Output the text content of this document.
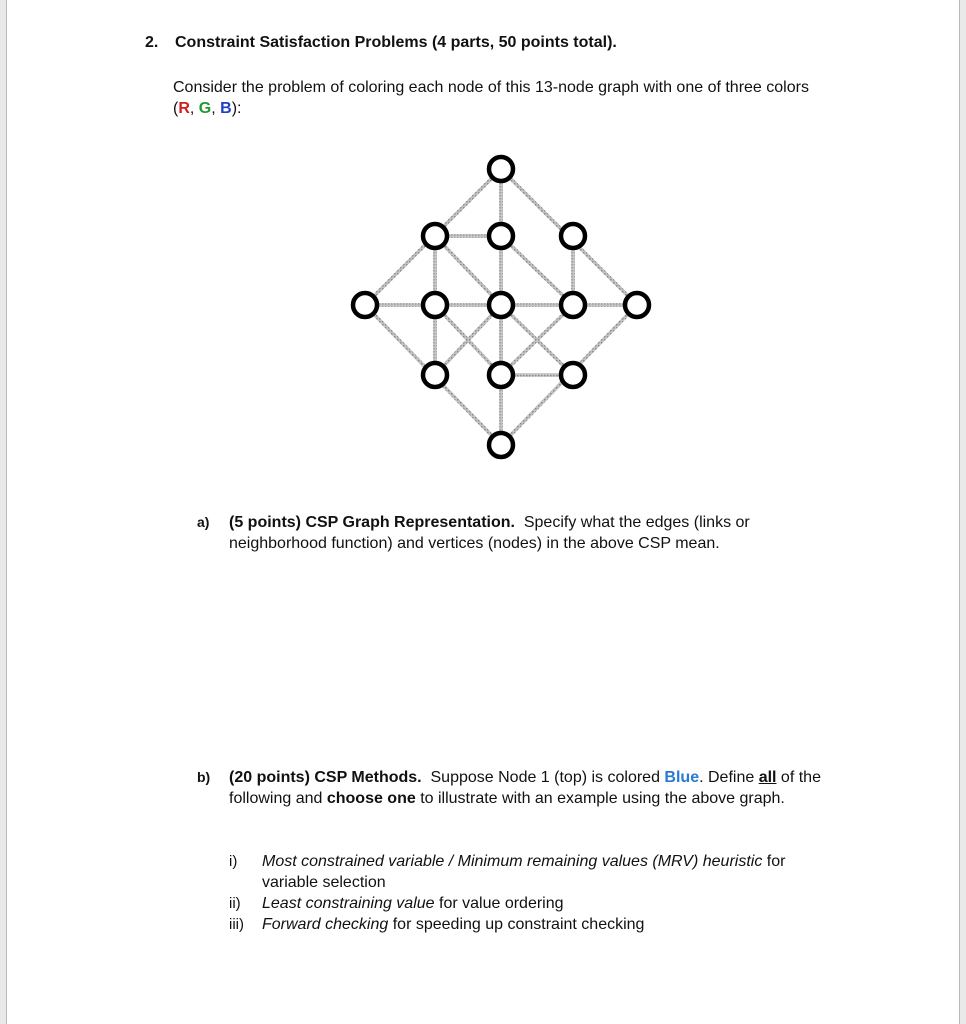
2. Constraint Satisfaction Problems (4 parts, 50 points total).
Consider the problem of coloring each node of this 13-node graph with one of three colors (R, G, B):
a) (5 points) CSP Graph Representation. Specify what the edges (links or neighborhood function) and vertices (nodes) in the above CSP mean.
b) (20 points) CSP Methods. Suppose Node 1 (top) is colored Blue. Define all of the following and choose one to illustrate with an example using the above graph.
i) Most constrained variable / Minimum remaining values (MRV) heuristic for variable selection
ii) Least constraining value for value ordering
iii) Forward checking for speeding up constraint checking
